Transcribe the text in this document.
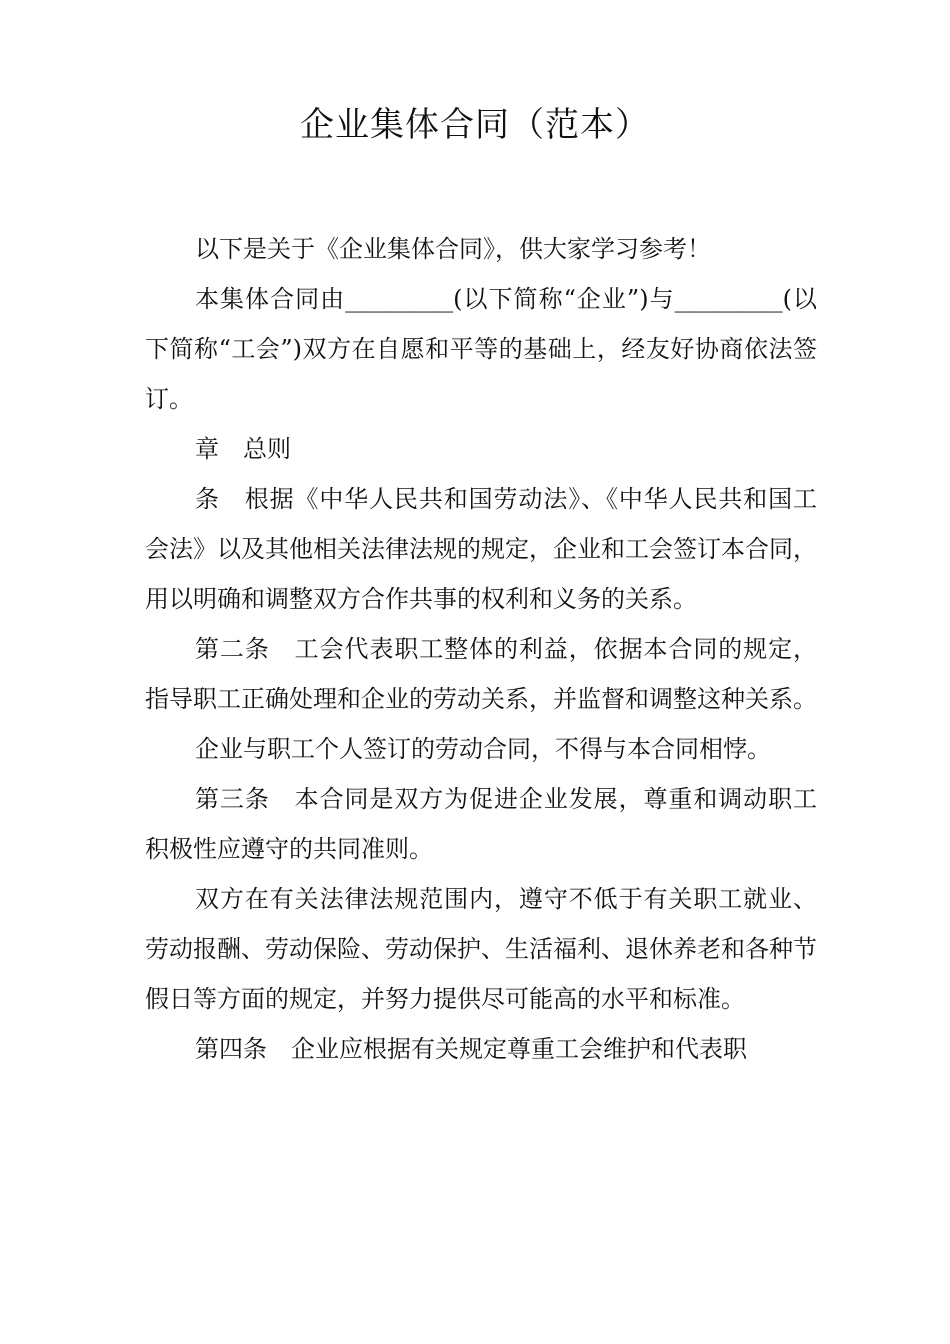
企业集体合同（范本）

以下是关于《企业集体合同》，供大家学习参考！

本集体合同由_________(以下简称“企业”)与_________(以下简称“工会”)双方在自愿和平等的基础上，经友好协商依法签订。

章　总则

条　根据《中华人民共和国劳动法》、《中华人民共和国工会法》以及其他相关法律法规的规定，企业和工会签订本合同，用以明确和调整双方合作共事的权利和义务的关系。

第二条　工会代表职工整体的利益，依据本合同的规定，指导职工正确处理和企业的劳动关系，并监督和调整这种关系。

企业与职工个人签订的劳动合同，不得与本合同相悖。

第三条　本合同是双方为促进企业发展，尊重和调动职工积极性应遵守的共同准则。

双方在有关法律法规范围内，遵守不低于有关职工就业、劳动报酬、劳动保险、劳动保护、生活福利、退休养老和各种节假日等方面的规定，并努力提供尽可能高的水平和标准。

第四条　企业应根据有关规定尊重工会维护和代表职
